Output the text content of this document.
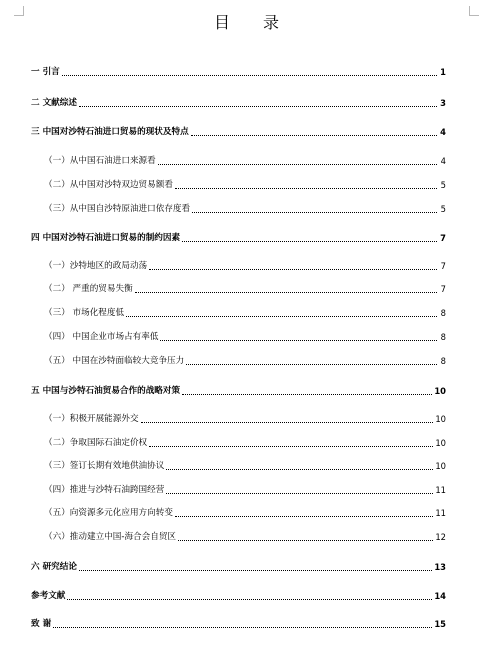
目 录
一 引言	1
二 文献综述	3
三 中国对沙特石油进口贸易的现状及特点	4
（一）从中国石油进口来源看	4
（二）从中国对沙特双边贸易额看	5
（三）从中国自沙特原油进口依存度看	5
四 中国对沙特石油进口贸易的制约因素	7
（一）沙特地区的政局动荡	7
（二） 严重的贸易失衡	7
（三） 市场化程度低	8
（四） 中国企业市场占有率低	8
（五） 中国在沙特面临较大竞争压力	8
五 中国与沙特石油贸易合作的战略对策	10
（一）积极开展能源外交	10
（二）争取国际石油定价权	10
（三）签订长期有效地供油协议	10
（四）推进与沙特石油跨国经营	11
（五）向资源多元化应用方向转变	11
（六）推动建立中国-海合会自贸区	12
六 研究结论	13
参考文献	14
致 谢	15
